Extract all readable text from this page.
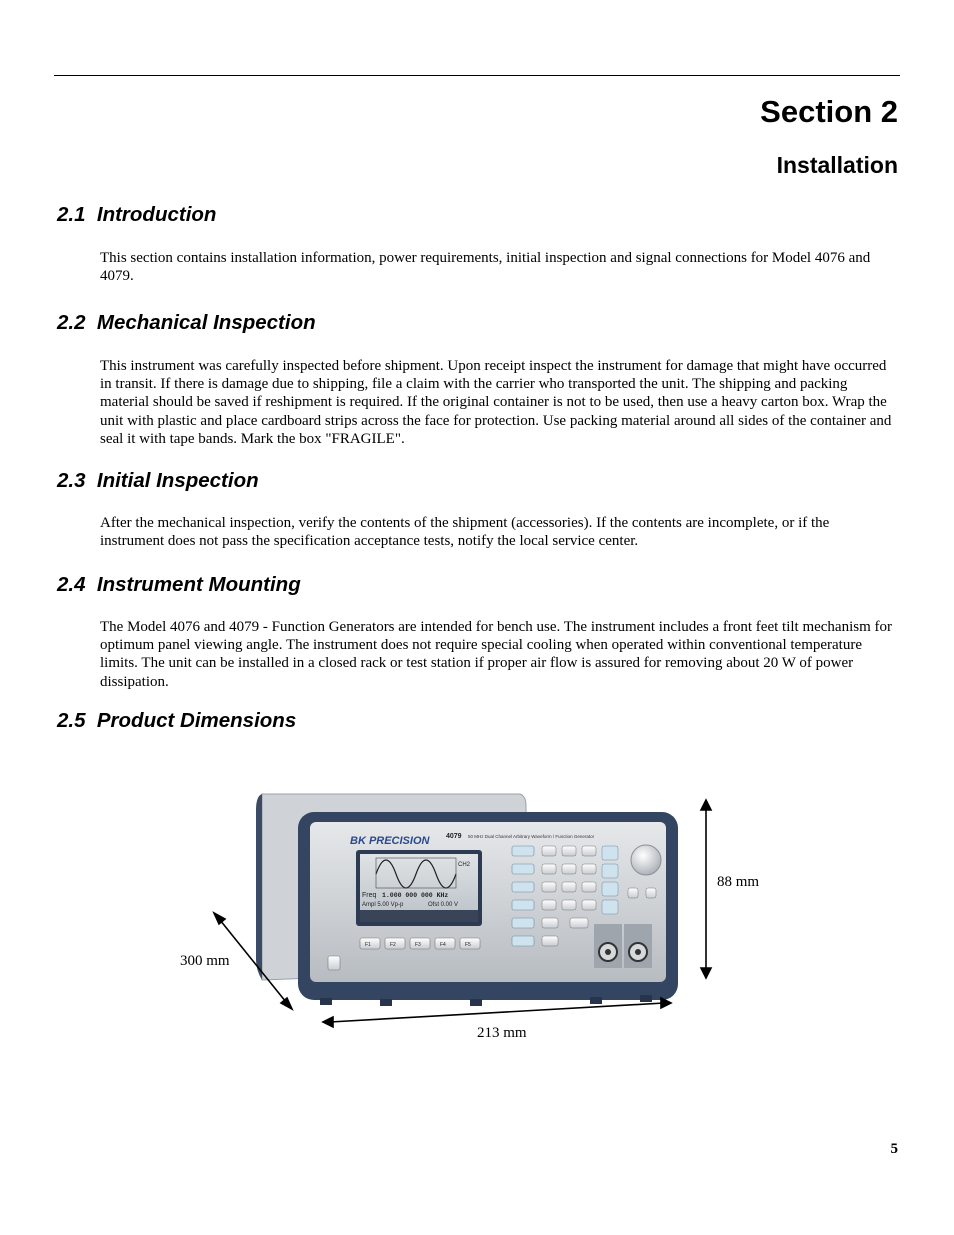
Section 2
Installation
2.1  Introduction
This section contains installation information, power requirements, initial inspection and signal connections for Model 4076 and 4079.
2.2  Mechanical Inspection
This instrument was carefully inspected before shipment. Upon receipt inspect the instrument for damage that might have occurred in transit. If there is damage due to shipping, file a claim with the carrier who transported the unit. The shipping and packing material should be saved if reshipment is required. If the original container is not to be used, then use a heavy carton box. Wrap the unit with plastic and place cardboard strips across the face for protection. Use packing material around all sides of the container and seal it with tape bands. Mark the box "FRAGILE".
2.3  Initial Inspection
After the mechanical inspection, verify the contents of the shipment (accessories). If the contents are incomplete, or if the instrument does not pass the specification acceptance tests, notify the local service center.
2.4  Instrument Mounting
The Model 4076 and 4079 - Function Generators are intended for bench use. The instrument includes a front feet tilt mechanism for optimum panel viewing angle. The instrument does not require special cooling when operated within conventional temperature limits. The unit can be installed in a closed rack or test station if proper air flow is assured for removing about 20 W of power dissipation.
2.5  Product Dimensions
BK PRECISION 4079 50 MHz Dual Channel Arbitrary Waveform / Function Generator
CH2
Freq 1.000 000 000 KHz
Ampl 5.00 Vp-p	Ofst 0.00 V
F1	F2	F3	F4	F5
88 mm
300 mm
213 mm
5
